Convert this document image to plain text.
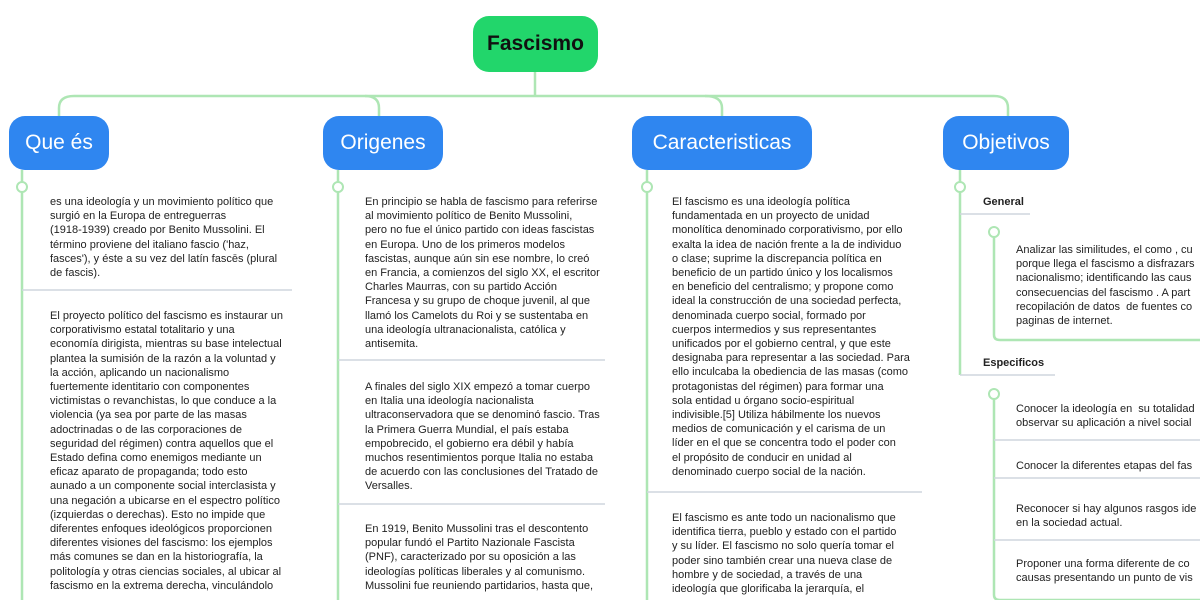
Fascismo
Que és	Origenes	Caracteristicas	Objetivos

es una ideología y un movimiento político que
surgió en la Europa de entreguerras
(1918-1939) creado por Benito Mussolini. El
término proviene del italiano fascio ('haz,
fasces'), y éste a su vez del latín fascēs (plural
de fascis).

El proyecto político del fascismo es instaurar un
corporativismo estatal totalitario y una
economía dirigista, mientras su base intelectual
plantea la sumisión de la razón a la voluntad y
la acción, aplicando un nacionalismo
fuertemente identitario con componentes
victimistas o revanchistas, lo que conduce a la
violencia (ya sea por parte de las masas
adoctrinadas o de las corporaciones de
seguridad del régimen) contra aquellos que el
Estado defina como enemigos mediante un
eficaz aparato de propaganda; todo esto
aunado a un componente social interclasista y
una negación a ubicarse en el espectro político
(izquierdas o derechas). Esto no impide que
diferentes enfoques ideológicos proporcionen
diferentes visiones del fascismo: los ejemplos
más comunes se dan en la historiografía, la
politología y otras ciencias sociales, al ubicar al
fascismo en la extrema derecha, vinculándolo

En principio se habla de fascismo para referirse
al movimiento político de Benito Mussolini,
pero no fue el único partido con ideas fascistas
en Europa. Uno de los primeros modelos
fascistas, aunque aún sin ese nombre, lo creó
en Francia, a comienzos del siglo XX, el escritor
Charles Maurras, con su partido Acción
Francesa y su grupo de choque juvenil, al que
llamó los Camelots du Roi y se sustentaba en
una ideología ultranacionalista, católica y
antisemita.

A finales del siglo XIX empezó a tomar cuerpo
en Italia una ideología nacionalista
ultraconservadora que se denominó fascio. Tras
la Primera Guerra Mundial, el país estaba
empobrecido, el gobierno era débil y había
muchos resentimientos porque Italia no estaba
de acuerdo con las conclusiones del Tratado de
Versalles.

En 1919, Benito Mussolini tras el descontento
popular fundó el Partito Nazionale Fascista
(PNF), caracterizado por su oposición a las
ideologías políticas liberales y al comunismo.
Mussolini fue reuniendo partidarios, hasta que,

El fascismo es una ideología política
fundamentada en un proyecto de unidad
monolítica denominado corporativismo, por ello
exalta la idea de nación frente a la de individuo
o clase; suprime la discrepancia política en
beneficio de un partido único y los localismos
en beneficio del centralismo; y propone como
ideal la construcción de una sociedad perfecta,
denominada cuerpo social, formado por
cuerpos intermedios y sus representantes
unificados por el gobierno central, y que este
designaba para representar a las sociedad. Para
ello inculcaba la obediencia de las masas (como
protagonistas del régimen) para formar una
sola entidad u órgano socio-espiritual
indivisible.[5] Utiliza hábilmente los nuevos
medios de comunicación y el carisma de un
líder en el que se concentra todo el poder con
el propósito de conducir en unidad al
denominado cuerpo social de la nación.

El fascismo es ante todo un nacionalismo que
identifica tierra, pueblo y estado con el partido
y su líder. El fascismo no solo quería tomar el
poder sino también crear una nueva clase de
hombre y de sociedad, a través de una
ideología que glorificaba la jerarquía, el

General

Analizar las similitudes, el como , cu
porque llega el fascismo a disfrazars
nacionalismo; identificando las caus
consecuencias del fascismo . A part
recopilación de datos  de fuentes co
paginas de internet.

Especificos

Conocer la ideología en  su totalidad
observar su aplicación a nivel social

Conocer la diferentes etapas del fas

Reconocer si hay algunos rasgos ide
en la sociedad actual.

Proponer una forma diferente de co
causas presentando un punto de vis
